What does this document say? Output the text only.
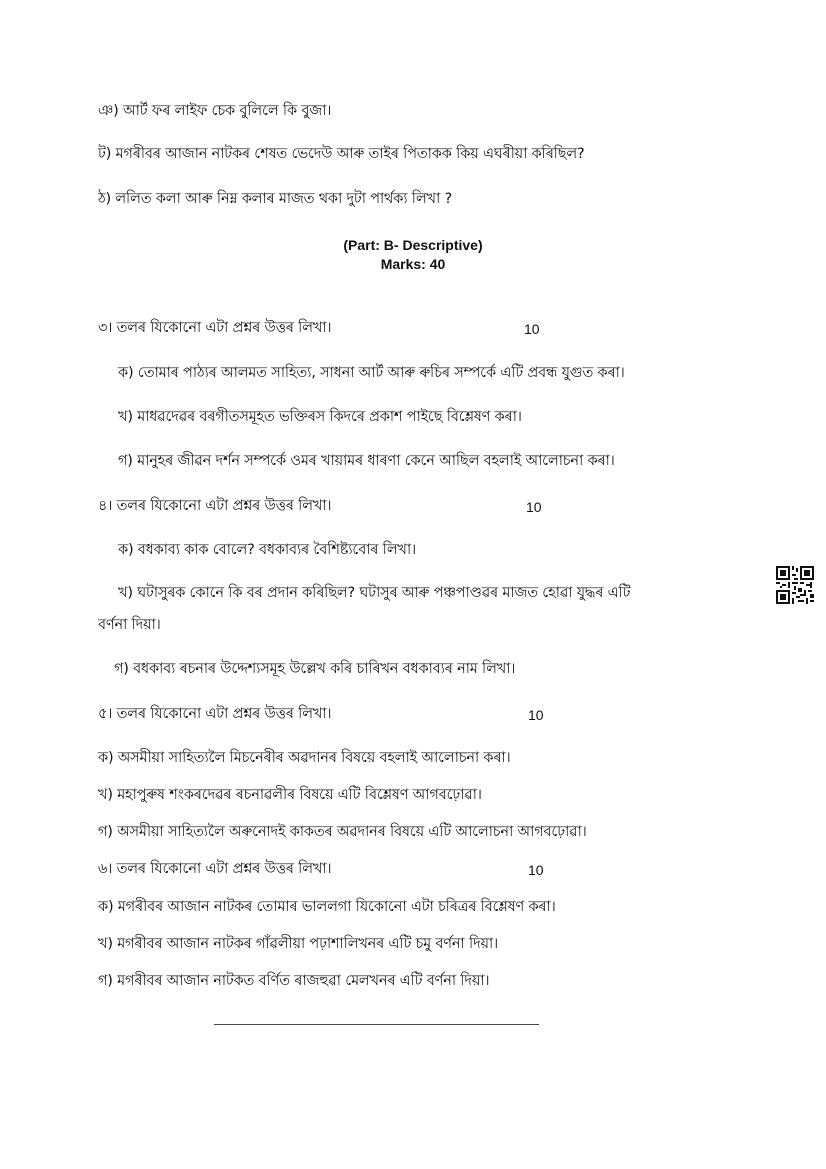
ঞ) আৰ্ট ফৰ লাইফ চেক বুলিলে কি বুজা।
ট) মগৰীবৰ আজান নাটকৰ শেষত ভেদেউ আৰু তাইৰ পিতাকক কিয় এঘৰীয়া কৰিছিল?
ঠ) ললিত কলা আৰু নিম্ন কলাৰ মাজত থকা দুটা পাৰ্থক্য লিখা ?
(Part: B- Descriptive)
Marks: 40
৩। তলৰ যিকোনো এটা প্ৰশ্নৰ উত্তৰ লিখা।	10
ক) তোমাৰ পাঠ্যৰ আলমত সাহিত্য, সাধনা আৰ্ট আৰু ৰুচিৰ সম্পৰ্কে এটি প্ৰবন্ধ যুগুত কৰা।
খ) মাধৱদেৱৰ বৰগীতসমূহত ভক্তিৰস কিদৰে প্ৰকাশ পাইছে বিশ্লেষণ কৰা।
গ) মানুহৰ জীৱন দৰ্শন সম্পৰ্কে ওমৰ খায়ামৰ ধাৰণা কেনে আছিল বহলাই আলোচনা কৰা।
৪। তলৰ যিকোনো এটা প্ৰশ্নৰ উত্তৰ লিখা।	10
ক) বধকাব্য কাক বোলে? বধকাব্যৰ বৈশিষ্ট্যবোৰ লিখা।
খ) ঘটাসুৰক কোনে কি বৰ প্ৰদান কৰিছিল? ঘটাসুৰ আৰু পঞ্চপাণ্ডৱৰ মাজত হোৱা যুদ্ধৰ এটি
বৰ্ণনা দিয়া।
গ) বধকাব্য ৰচনাৰ উদ্দেশ্যসমূহ উল্লেখ কৰি চাৰিখন বধকাব্যৰ নাম লিখা।
৫। তলৰ যিকোনো এটা প্ৰশ্নৰ উত্তৰ লিখা।	10
ক) অসমীয়া সাহিত্যলৈ মিচনেৰীৰ অৱদানৰ বিষয়ে বহলাই আলোচনা কৰা।
খ) মহাপুৰুষ শংকৰদেৱৰ ৰচনাৱলীৰ বিষয়ে এটি বিশ্লেষণ আগবঢ়োৱা।
গ) অসমীয়া সাহিত্যলৈ অৰুনোদই কাকতৰ অৱদানৰ বিষয়ে এটি আলোচনা আগবঢ়োৱা।
৬। তলৰ যিকোনো এটা প্ৰশ্নৰ উত্তৰ লিখা।	10
ক) মগৰীবৰ আজান নাটকৰ তোমাৰ ভাললগা যিকোনো এটা চৰিত্ৰৰ বিশ্লেষণ কৰা।
খ) মগৰীবৰ আজান নাটকৰ গাঁৱলীয়া পঢ়াশালিখনৰ এটি চমু বৰ্ণনা দিয়া।
গ) মগৰীবৰ আজান নাটকত বৰ্ণিত ৰাজহুৱা মেলখনৰ এটি বৰ্ণনা দিয়া।
